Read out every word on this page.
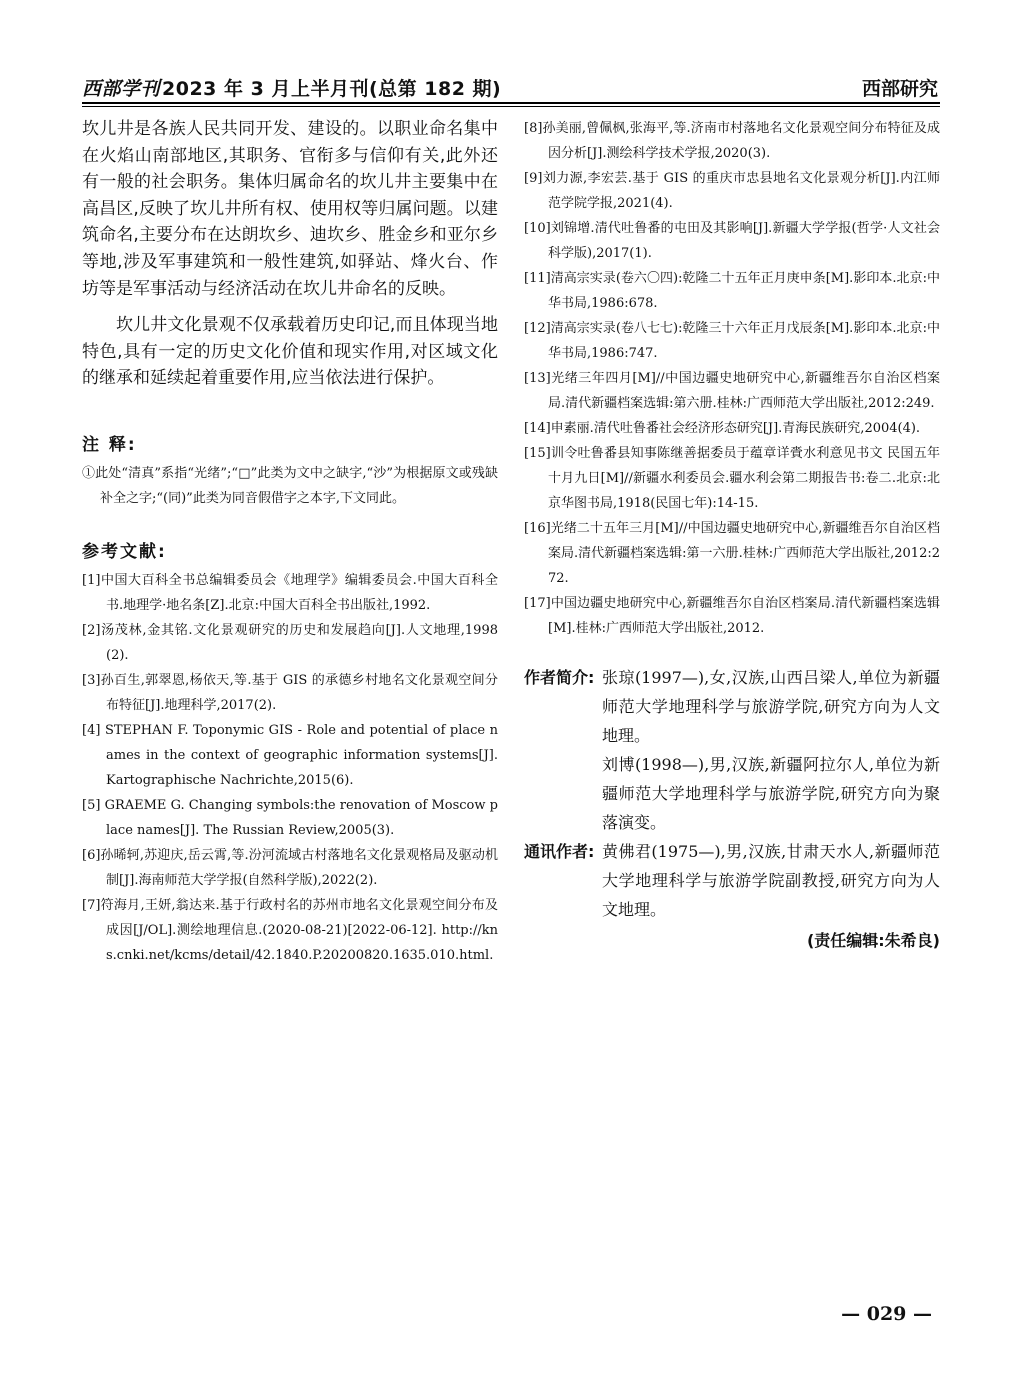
西部学刊 2023 年 3 月上半月刊(总第 182 期)	西部研究

坎儿井是各族人民共同开发、建设的。以职业命名集中在火焰山南部地区,其职务、官衔多与信仰有关,此外还有一般的社会职务。集体归属命名的坎儿井主要集中在高昌区,反映了坎儿井所有权、使用权等归属问题。以建筑命名,主要分布在达朗坎乡、迪坎乡、胜金乡和亚尔乡等地,涉及军事建筑和一般性建筑,如驿站、烽火台、作坊等是军事活动与经济活动在坎儿井命名的反映。

坎儿井文化景观不仅承载着历史印记,而且体现当地特色,具有一定的历史文化价值和现实作用,对区域文化的继承和延续起着重要作用,应当依法进行保护。

注 释:

①此处“清真”系指“光绪”;“□”此类为文中之缺字,“沙”为根据原文或残缺补全之字;“(同)”此类为同音假借字之本字,下文同此。

参考文献:

[1]中国大百科全书总编辑委员会《地理学》编辑委员会.中国大百科全书.地理学·地名条[Z].北京:中国大百科全书出版社,1992.
[2]汤茂林,金其铭.文化景观研究的历史和发展趋向[J].人文地理,1998(2).
[3]孙百生,郭翠恩,杨依天,等.基于 GIS 的承德乡村地名文化景观空间分布特征[J].地理科学,2017(2).
[4] STEPHAN F. Toponymic GIS - Role and potential of place names in the context of geographic information systems[J]. Kartographische Nachrichte,2015(6).
[5] GRAEME G. Changing symbols:the renovation of Moscow place names[J]. The Russian Review,2005(3).
[6]孙晞轲,苏迎庆,岳云霄,等.汾河流域古村落地名文化景观格局及驱动机制[J].海南师范大学学报(自然科学版),2022(2).
[7]符海月,王妍,翁达来.基于行政村名的苏州市地名文化景观空间分布及成因[J/OL].测绘地理信息.(2020-08-21)[2022-06-12]. http://kns.cnki.net/kcms/detail/42.1840.P.20200820.1635.010.html.
[8]孙美丽,曾佩枫,张海平,等.济南市村落地名文化景观空间分布特征及成因分析[J].测绘科学技术学报,2020(3).
[9]刘力源,李宏芸.基于 GIS 的重庆市忠县地名文化景观分析[J].内江师范学院学报,2021(4).
[10]刘锦增.清代吐鲁番的屯田及其影响[J].新疆大学学报(哲学·人文社会科学版),2017(1).
[11]清高宗实录(卷六〇四):乾隆二十五年正月庚申条[M].影印本.北京:中华书局,1986:678.
[12]清高宗实录(卷八七七):乾隆三十六年正月戊辰条[M].影印本.北京:中华书局,1986:747.
[13]光绪三年四月[M]//中国边疆史地研究中心,新疆维吾尔自治区档案局.清代新疆档案选辑:第六册.桂林:广西师范大学出版社,2012:249.
[14]申素丽.清代吐鲁番社会经济形态研究[J].青海民族研究,2004(4).
[15]训令吐鲁番县知事陈继善据委员于蕴章详賫水利意见书文 民国五年十月九日[M]//新疆水利委员会.疆水利会第二期报告书:卷二.北京:北京华图书局,1918(民国七年):14-15.
[16]光绪二十五年三月[M]//中国边疆史地研究中心,新疆维吾尔自治区档案局.清代新疆档案选辑:第一六册.桂林:广西师范大学出版社,2012:272.
[17]中国边疆史地研究中心,新疆维吾尔自治区档案局.清代新疆档案选辑[M].桂林:广西师范大学出版社,2012.
作者简介: 张琼(1997—),女,汉族,山西吕梁人,单位为新疆师范大学地理科学与旅游学院,研究方向为人文地理。

刘博(1998—),男,汉族,新疆阿拉尔人,单位为新疆师范大学地理科学与旅游学院,研究方向为聚落演变。

通讯作者: 黄佛君(1975—),男,汉族,甘肃天水人,新疆师范大学地理科学与旅游学院副教授,研究方向为人文地理。

(责任编辑:朱希良)
— 029 —
